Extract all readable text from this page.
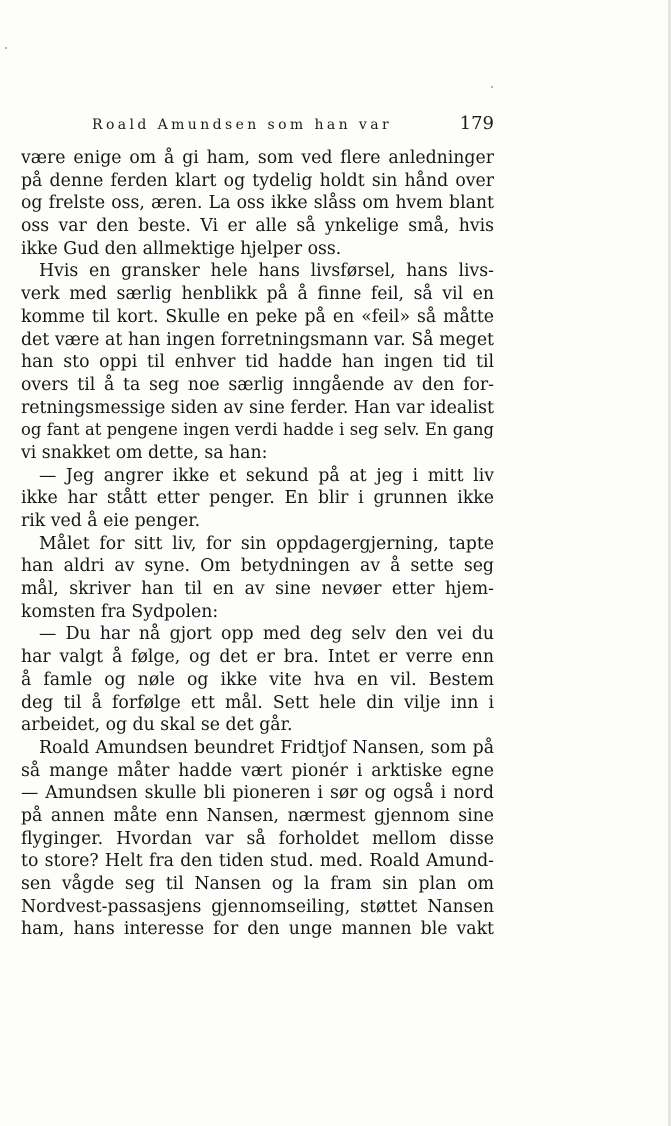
Roald Amundsen som han var	179
være enige om å gi ham, som ved flere anledninger
på denne ferden klart og tydelig holdt sin hånd over
og frelste oss, æren. La oss ikke slåss om hvem blant
oss var den beste. Vi er alle så ynkelige små, hvis
ikke Gud den allmektige hjelper oss.
Hvis en gransker hele hans livsførsel, hans livs-
verk med særlig henblikk på å finne feil, så vil en
komme til kort. Skulle en peke på en «feil» så måtte
det være at han ingen forretningsmann var. Så meget
han sto oppi til enhver tid hadde han ingen tid til
overs til å ta seg noe særlig inngående av den for-
retningsmessige siden av sine ferder. Han var idealist
og fant at pengene ingen verdi hadde i seg selv. En gang
vi snakket om dette, sa han:
— Jeg angrer ikke et sekund på at jeg i mitt liv
ikke har stått etter penger. En blir i grunnen ikke
rik ved å eie penger.
Målet for sitt liv, for sin oppdagergjerning, tapte
han aldri av syne. Om betydningen av å sette seg
mål, skriver han til en av sine nevøer etter hjem-
komsten fra Sydpolen:
— Du har nå gjort opp med deg selv den vei du
har valgt å følge, og det er bra. Intet er verre enn
å famle og nøle og ikke vite hva en vil. Bestem
deg til å forfølge ett mål. Sett hele din vilje inn i
arbeidet, og du skal se det går.
Roald Amundsen beundret Fridtjof Nansen, som på
så mange måter hadde vært pionér i arktiske egne
— Amundsen skulle bli pioneren i sør og også i nord
på annen måte enn Nansen, nærmest gjennom sine
flyginger. Hvordan var så forholdet mellom disse
to store? Helt fra den tiden stud. med. Roald Amund-
sen vågde seg til Nansen og la fram sin plan om
Nordvest-passasjens gjennomseiling, støttet Nansen
ham, hans interesse for den unge mannen ble vakt
